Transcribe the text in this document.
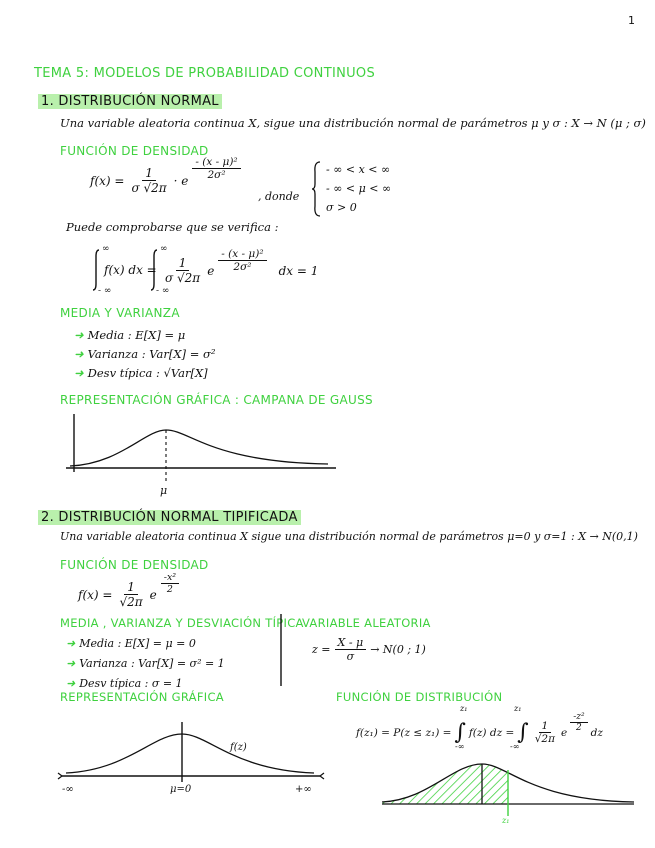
1
TEMA 5: MODELOS DE PROBABILIDAD CONTINUOS
1. DISTRIBUCIÓN NORMAL
Una variable aleatoria continua X, sigue una distribución normal de parámetros μ y σ : X → N (μ ; σ)
FUNCIÓN DE DENSIDAD
$f(x) = \frac{1}{\sigma √2\pi} \cdot e \frac{\text{- (x - μ)²}}{\text{2σ²}}$
, donde
- ∞ < x < ∞
- ∞ < μ < ∞
σ > 0
Puede comprobarse que se verifica :
∞
- ∞
f(x) dx =
∞
- ∞
$\frac{1}{\sigma √2\pi}$ e $\frac{\text{- (x - μ)²}}{\text{2σ²}}$ dx = 1
MEDIA Y VARIANZA
➜ Media : E[X] = μ
➜ Varianza : Var[X] = σ²
➜ Desv típica : √Var[X]
REPRESENTACIÓN GRÁFICA : CAMPANA DE GAUSS
μ
2. DISTRIBUCIÓN NORMAL TIPIFICADA
Una variable aleatoria continua X sigue una distribución normal de parámetros μ=0 y σ=1 : X → N(0,1)
FUNCIÓN DE DENSIDAD
$f(x) = \frac{1}{√2\pi}$ e $\frac{\text{-x²}}{2}$
MEDIA , VARIANZA Y DESVIACIÓN TÍPICA
➜ Media : E[X] = μ = 0
➜ Varianza : Var[X] = σ² = 1
➜ Desv típica : σ = 1
VARIABLE ALEATORIA
$z = \frac{X - \mu}{\sigma} \to N(0$ ; 1)
REPRESENTACIÓN GRÁFICA	FUNCIÓN DE DISTRIBUCIÓN
f(z)
-∞	μ=0	+∞
f(z₁) = P(z ≤ z₁) = ∫ f(z) dz = ∫ $\frac{1}{√2\pi}$ e $\frac{\text{-z²}}{2}$ dz
z₁
-∞
z₁
-∞
z₁
